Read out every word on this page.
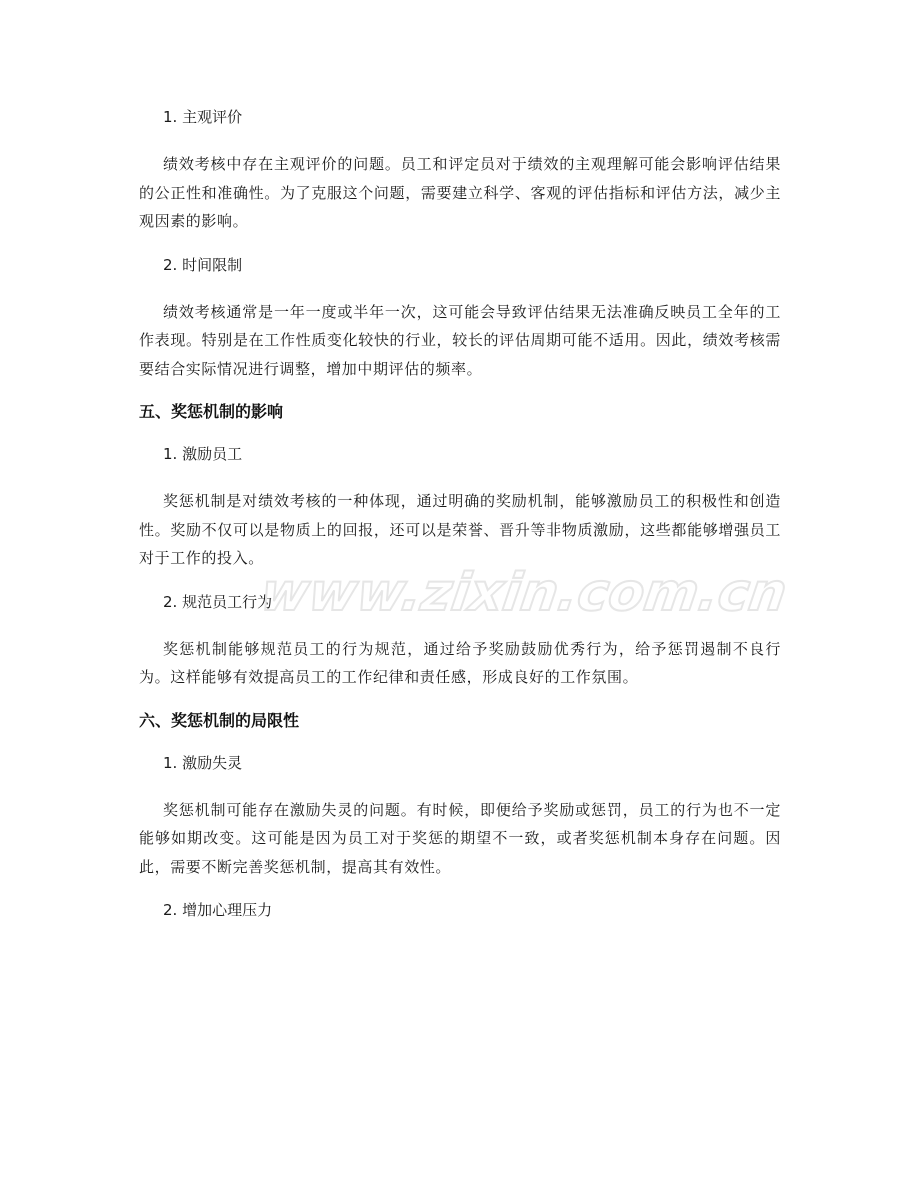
1. 主观评价

绩效考核中存在主观评价的问题。员工和评定员对于绩效的主观理解可能会影响评估结果的公正性和准确性。为了克服这个问题，需要建立科学、客观的评估指标和评估方法，减少主观因素的影响。

2. 时间限制

绩效考核通常是一年一度或半年一次，这可能会导致评估结果无法准确反映员工全年的工作表现。特别是在工作性质变化较快的行业，较长的评估周期可能不适用。因此，绩效考核需要结合实际情况进行调整，增加中期评估的频率。

五、奖惩机制的影响

1. 激励员工

奖惩机制是对绩效考核的一种体现，通过明确的奖励机制，能够激励员工的积极性和创造性。奖励不仅可以是物质上的回报，还可以是荣誉、晋升等非物质激励，这些都能够增强员工对于工作的投入。

2. 规范员工行为

奖惩机制能够规范员工的行为规范，通过给予奖励鼓励优秀行为，给予惩罚遏制不良行为。这样能够有效提高员工的工作纪律和责任感，形成良好的工作氛围。

六、奖惩机制的局限性

1. 激励失灵

奖惩机制可能存在激励失灵的问题。有时候，即便给予奖励或惩罚，员工的行为也不一定能够如期改变。这可能是因为员工对于奖惩的期望不一致，或者奖惩机制本身存在问题。因此，需要不断完善奖惩机制，提高其有效性。

2. 增加心理压力

www.zixin.com.cn
